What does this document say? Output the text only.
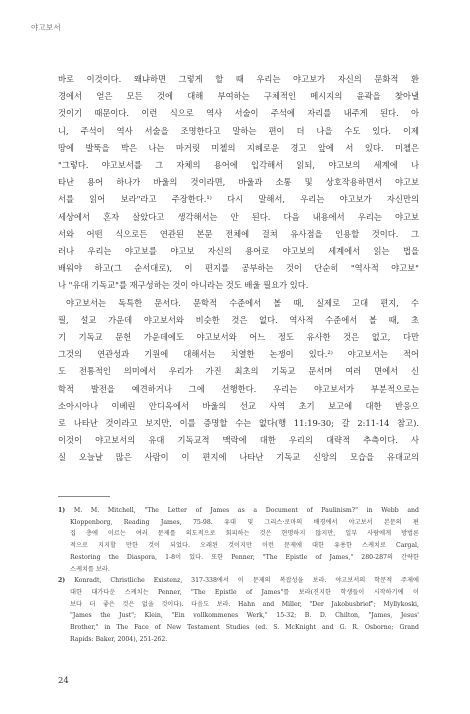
야고보서
바로 이것이다. 왜냐하면 그렇게 할 때 우리는 야고보가 자신의 문화적 환
경에서 얻은 모든 것에 대해 부여하는 구체적인 메시지의 윤곽을 찾아낼
것이기 때문이다. 이런 식으로 역사 서술이 주석에 자리를 내주게 된다. 아
니, 주석이 역사 서술을 조명한다고 말하는 편이 더 나을 수도 있다. 이제
땅에 발뚝을 박은 나는 마거릿 미첼의 지혜로운 경고 앞에 서 있다. 미첼은
"그렇다. 야고보서를 그 자체의 용어에 입각해서 읽되, 야고보의 세계에 나
타난 용어 하나가 바울의 것이라면, 바울과 소통 및 상호작용하면서 야고보
서를 읽어 보라"라고 주장한다.¹⁾ 다시 말해서, 우리는 야고보가 자신만의
세상에서 혼자 살았다고 생각해서는 안 된다. 다음 내용에서 우리는 야고보
서와 어떤 식으로든 연관된 본문 전체에 걸쳐 유사점을 인용할 것이다. 그
러나 우리는 야고보를 야고보 자신의 용어로 야고보의 세계에서 읽는 법을
배워야 하고(그 순서대로), 이 편지를 공부하는 것이 단순히 "역사적 야고보"
나 "유대 기독교"를 재구성하는 것이 아니라는 것도 배울 필요가 있다.
야고보서는 독특한 문서다. 문학적 수준에서 볼 때, 실제로 고대 편지, 수
필, 설교 가운데 야고보서와 비슷한 것은 없다. 역사적 수준에서 볼 때, 초
기 기독교 문헌 가운데에도 야고보서와 어느 정도 유사한 것은 없고, 다만
그것의 연관성과 기원에 대해서는 치열한 논쟁이 있다.²⁾ 야고보서는 적어
도 전통적인 의미에서 우리가 가진 최초의 기독교 문서며 여러 면에서 신
학적 발전을 예견하거나 그에 선행한다. 우리는 야고보서가 부분적으로는
소아시아나 이베린 안디옥에서 바울의 선교 사역 초기 보고에 대한 반응으
로 나타난 것이라고 보지만, 이를 증명할 수는 없다(행 11:19-30; 갈 2:11-14 참고).
이것이 야고보서의 유대 기독교적 맥락에 대한 우리의 대략적 추측이다. 사
실 오늘날 많은 사람이 이 편지에 나타난 기독교 신앙의 모습을 유대교의
1) M. M. Mitchell, "The Letter of James as a Document of Paulinism?" in Webb and
Kloppenborg, Reading James, 75-98. 유대 및 그리스·로마의 배경에서 야고보서 본문의 편
집 층에 이르는 여러 문제를 의도적으로 회피하는 것은 현명하지 않지만, 일부 사람에게 방법론
적으로 지지할 만한 것이 되었다. 오래된 것이지만 이런 문제에 대한 유용한 스케치로 Cargal,
Restoring the Diaspora, 1-8이 있다. 또한 Penner, "The Epistle of James," 280-287의 간략한
스케치를 보라.
2) Konradt, Christliche Existenz, 317-338에서 이 문제의 복잡성을 보라. 야고보서의 학문적 주제에
대한 대가다운 스케치는 Penner, "The Epistle of James"를 보라(진지한 학생들이 시작하기에 이
보다 더 좋은 것은 없을 것이다). 다음도 보라. Hahn and Miller, "Der Jakobusbrief"; Myllykoski,
"James the Just"; Klein, "Ein vollkommenes Werk," 15-32; B. D. Chilton, "James, Jesus'
Brother," in The Face of New Testament Studies (ed. S. McKnight and G. R. Osborne; Grand
Rapids: Baker, 2004), 251-262.
24
